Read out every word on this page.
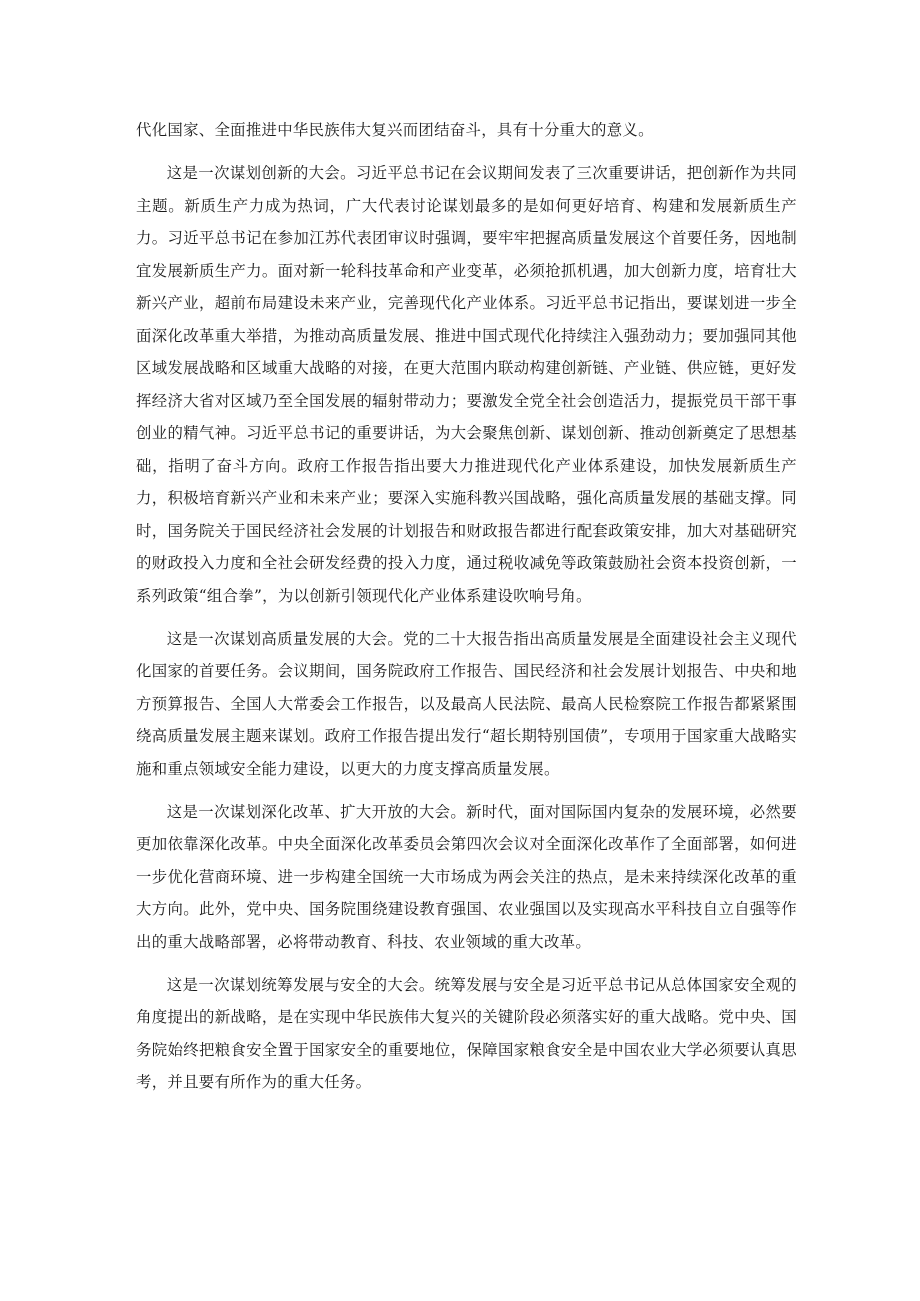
代化国家、全面推进中华民族伟大复兴而团结奋斗，具有十分重大的意义。

这是一次谋划创新的大会。习近平总书记在会议期间发表了三次重要讲话，把创新作为共同主题。新质生产力成为热词，广大代表讨论谋划最多的是如何更好培育、构建和发展新质生产力。习近平总书记在参加江苏代表团审议时强调，要牢牢把握高质量发展这个首要任务，因地制宜发展新质生产力。面对新一轮科技革命和产业变革，必须抢抓机遇，加大创新力度，培育壮大新兴产业，超前布局建设未来产业，完善现代化产业体系。习近平总书记指出，要谋划进一步全面深化改革重大举措，为推动高质量发展、推进中国式现代化持续注入强劲动力；要加强同其他区域发展战略和区域重大战略的对接，在更大范围内联动构建创新链、产业链、供应链，更好发挥经济大省对区域乃至全国发展的辐射带动力；要激发全党全社会创造活力，提振党员干部干事创业的精气神。习近平总书记的重要讲话，为大会聚焦创新、谋划创新、推动创新奠定了思想基础，指明了奋斗方向。政府工作报告指出要大力推进现代化产业体系建设，加快发展新质生产力，积极培育新兴产业和未来产业；要深入实施科教兴国战略，强化高质量发展的基础支撑。同时，国务院关于国民经济社会发展的计划报告和财政报告都进行配套政策安排，加大对基础研究的财政投入力度和全社会研发经费的投入力度，通过税收减免等政策鼓励社会资本投资创新，一系列政策“组合拳”，为以创新引领现代化产业体系建设吹响号角。

这是一次谋划高质量发展的大会。党的二十大报告指出高质量发展是全面建设社会主义现代化国家的首要任务。会议期间，国务院政府工作报告、国民经济和社会发展计划报告、中央和地方预算报告、全国人大常委会工作报告，以及最高人民法院、最高人民检察院工作报告都紧紧围绕高质量发展主题来谋划。政府工作报告提出发行“超长期特别国债”，专项用于国家重大战略实施和重点领域安全能力建设，以更大的力度支撑高质量发展。

这是一次谋划深化改革、扩大开放的大会。新时代，面对国际国内复杂的发展环境，必然要更加依靠深化改革。中央全面深化改革委员会第四次会议对全面深化改革作了全面部署，如何进一步优化营商环境、进一步构建全国统一大市场成为两会关注的热点，是未来持续深化改革的重大方向。此外，党中央、国务院围绕建设教育强国、农业强国以及实现高水平科技自立自强等作出的重大战略部署，必将带动教育、科技、农业领域的重大改革。

这是一次谋划统筹发展与安全的大会。统筹发展与安全是习近平总书记从总体国家安全观的角度提出的新战略，是在实现中华民族伟大复兴的关键阶段必须落实好的重大战略。党中央、国务院始终把粮食安全置于国家安全的重要地位，保障国家粮食安全是中国农业大学必须要认真思考，并且要有所作为的重大任务。
